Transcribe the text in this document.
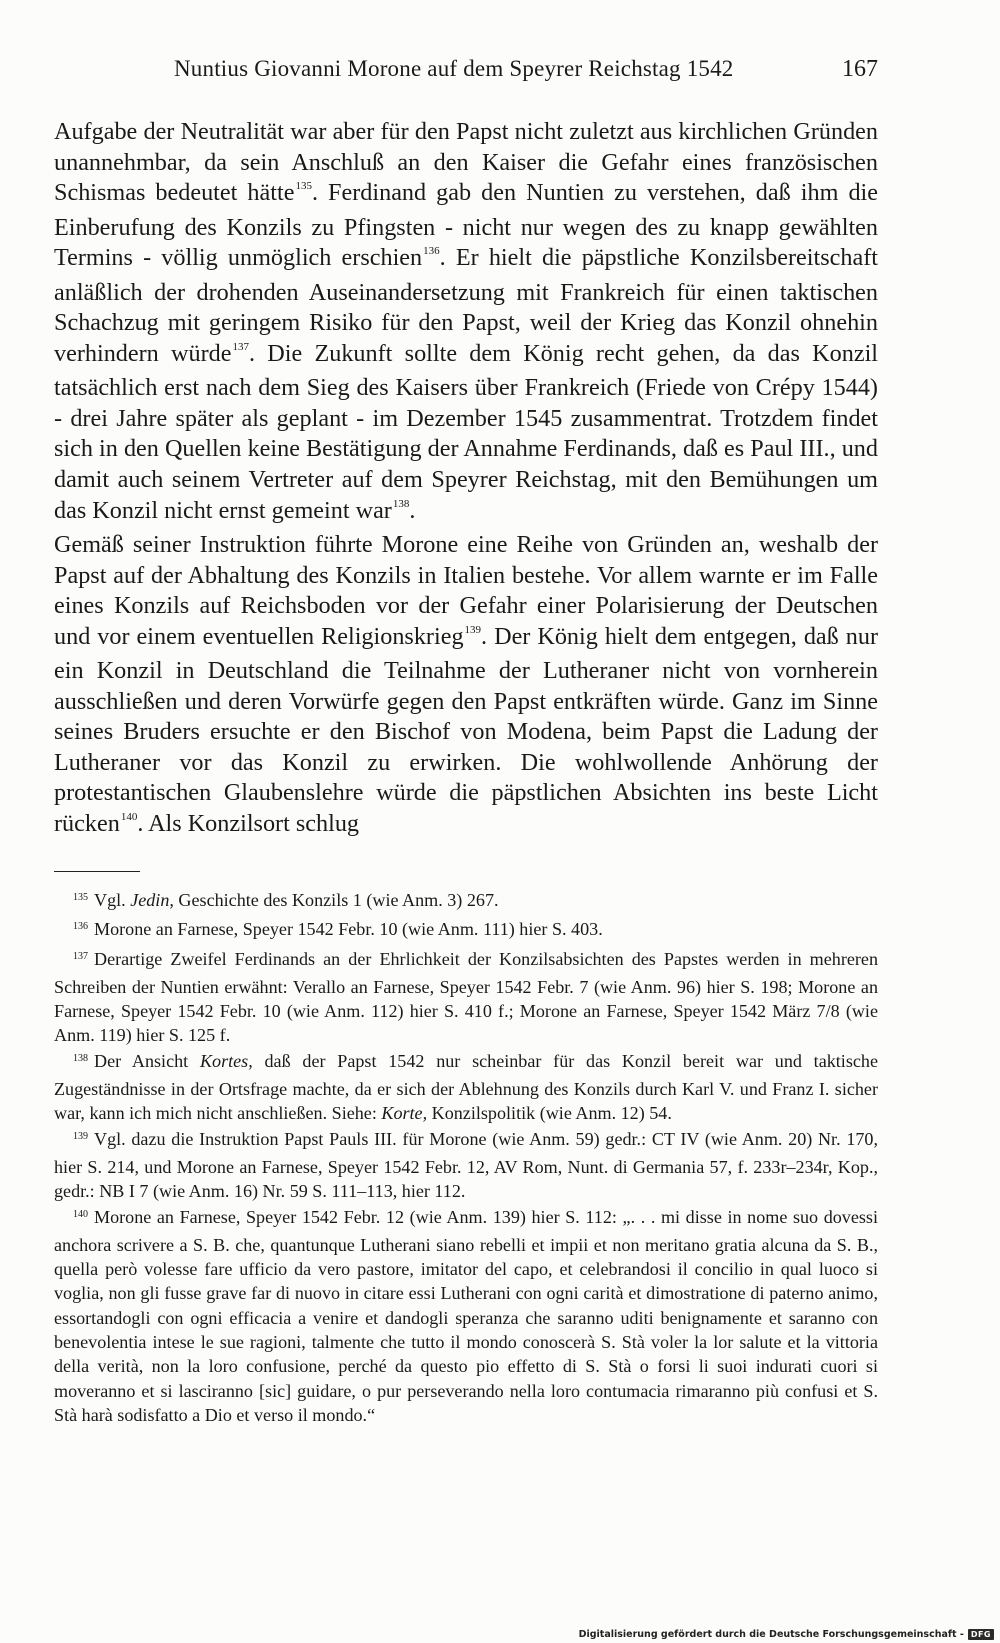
Nuntius Giovanni Morone auf dem Speyrer Reichstag 1542	167

Aufgabe der Neutralität war aber für den Papst nicht zuletzt aus kirchlichen Gründen unannehmbar, da sein Anschluß an den Kaiser die Gefahr eines französischen Schismas bedeutet hätte$^{135}$. Ferdinand gab den Nuntien zu verstehen, daß ihm die Einberufung des Konzils zu Pfingsten - nicht nur wegen des zu knapp gewählten Termins - völlig unmöglich erschien$^{136}$. Er hielt die päpstliche Konzilsbereitschaft anläßlich der drohenden Auseinandersetzung mit Frankreich für einen taktischen Schachzug mit geringem Risiko für den Papst, weil der Krieg das Konzil ohnehin verhindern würde$^{137}$. Die Zukunft sollte dem König recht gehen, da das Konzil tatsächlich erst nach dem Sieg des Kaisers über Frankreich (Friede von Crépy 1544) - drei Jahre später als geplant - im Dezember 1545 zusammentrat. Trotzdem findet sich in den Quellen keine Bestätigung der Annahme Ferdinands, daß es Paul III., und damit auch seinem Vertreter auf dem Speyrer Reichstag, mit den Bemühungen um das Konzil nicht ernst gemeint war$^{138}$.

Gemäß seiner Instruktion führte Morone eine Reihe von Gründen an, weshalb der Papst auf der Abhaltung des Konzils in Italien bestehe. Vor allem warnte er im Falle eines Konzils auf Reichsboden vor der Gefahr einer Polarisierung der Deutschen und vor einem eventuellen Religionskrieg$^{139}$. Der König hielt dem entgegen, daß nur ein Konzil in Deutschland die Teilnahme der Lutheraner nicht von vornherein ausschließen und deren Vorwürfe gegen den Papst entkräften würde. Ganz im Sinne seines Bruders ersuchte er den Bischof von Modena, beim Papst die Ladung der Lutheraner vor das Konzil zu erwirken. Die wohlwollende Anhörung der protestantischen Glaubenslehre würde die päpstlichen Absichten ins beste Licht rücken$^{140}$. Als Konzilsort schlug

$^{135}$ Vgl. Jedin, Geschichte des Konzils 1 (wie Anm. 3) 267.

$^{136}$ Morone an Farnese, Speyer 1542 Febr. 10 (wie Anm. 111) hier S. 403.

$^{137}$ Derartige Zweifel Ferdinands an der Ehrlichkeit der Konzilsabsichten des Papstes werden in mehreren Schreiben der Nuntien erwähnt: Verallo an Farnese, Speyer 1542 Febr. 7 (wie Anm. 96) hier S. 198; Morone an Farnese, Speyer 1542 Febr. 10 (wie Anm. 112) hier S. 410 f.; Morone an Farnese, Speyer 1542 März 7/8 (wie Anm. 119) hier S. 125 f.

$^{138}$ Der Ansicht Kortes, daß der Papst 1542 nur scheinbar für das Konzil bereit war und taktische Zugeständnisse in der Ortsfrage machte, da er sich der Ablehnung des Konzils durch Karl V. und Franz I. sicher war, kann ich mich nicht anschließen. Siehe: Korte, Konzilspolitik (wie Anm. 12) 54.

$^{139}$ Vgl. dazu die Instruktion Papst Pauls III. für Morone (wie Anm. 59) gedr.: CT IV (wie Anm. 20) Nr. 170, hier S. 214, und Morone an Farnese, Speyer 1542 Febr. 12, AV Rom, Nunt. di Germania 57, f. 233r–234r, Kop., gedr.: NB I 7 (wie Anm. 16) Nr. 59 S. 111–113, hier 112.

$^{140}$ Morone an Farnese, Speyer 1542 Febr. 12 (wie Anm. 139) hier S. 112: „. . . mi disse in nome suo dovessi anchora scrivere a S. B. che, quantunque Lutherani siano rebelli et impii et non meritano gratia alcuna da S. B., quella però volesse fare ufficio da vero pastore, imitator del capo, et celebrandosi il concilio in qual luoco si voglia, non gli fusse grave far di nuovo in citare essi Lutherani con ogni carità et dimostratione di paterno animo, essortandogli con ogni efficacia a venire et dandogli speranza che saranno uditi benignamente et saranno con benevolentia intese le sue ragioni, talmente che tutto il mondo conoscerà S. Stà voler la lor salute et la vittoria della verità, non la loro confusione, perché da questo pio effetto di S. Stà o forsi li suoi indurati cuori si moveranno et si lasciranno [sic] guidare, o pur perseverando nella loro contumacia rimaranno più confusi et S. Stà harà sodisfatto a Dio et verso il mondo.“

Digitalisierung gefördert durch die Deutsche Forschungsgemeinschaft - DFG
